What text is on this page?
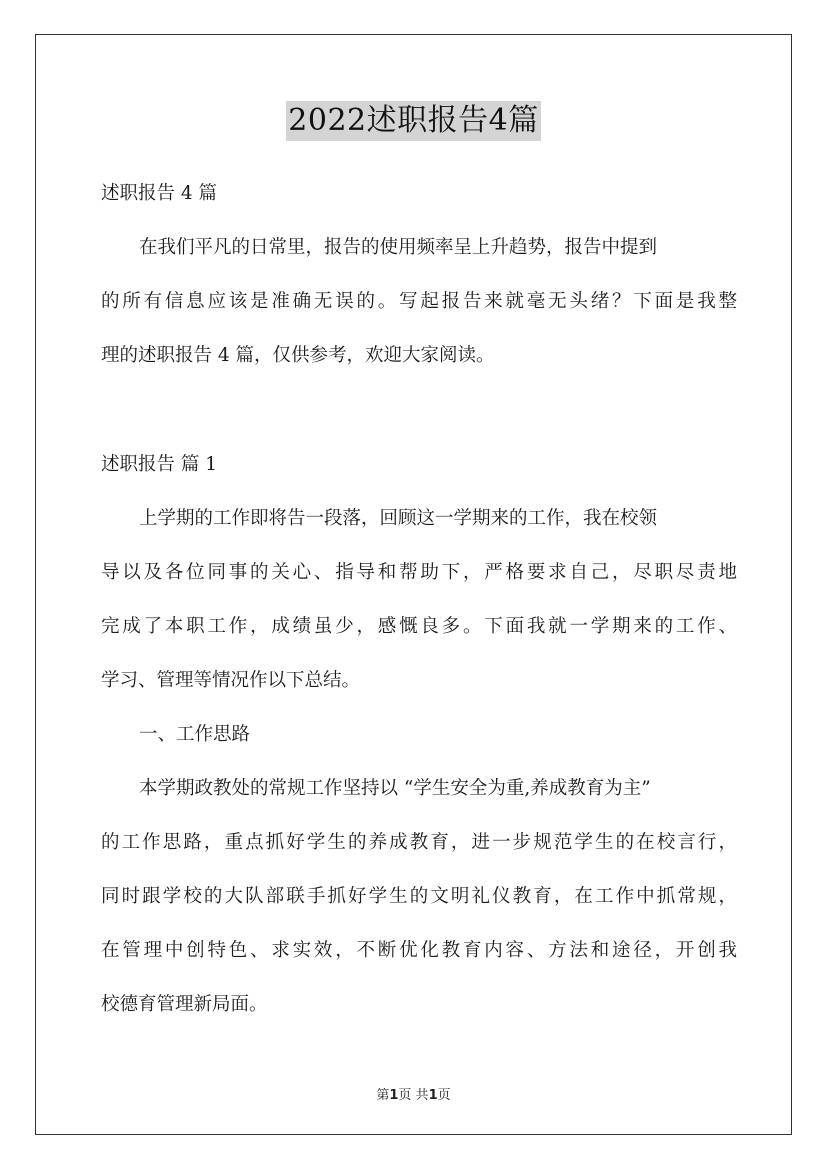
2022述职报告4篇
述职报告 4 篇
在我们平凡的日常里，报告的使用频率呈上升趋势，报告中提到
的所有信息应该是准确无误的。写起报告来就毫无头绪？下面是我整
理的述职报告 4 篇，仅供参考，欢迎大家阅读。
述职报告 篇 1
上学期的工作即将告一段落，回顾这一学期来的工作，我在校领
导以及各位同事的关心、指导和帮助下，严格要求自己，尽职尽责地
完成了本职工作，成绩虽少，感慨良多。下面我就一学期来的工作、
学习、管理等情况作以下总结。
一、工作思路
本学期政教处的常规工作坚持以 “学生安全为重,养成教育为主”
的工作思路，重点抓好学生的养成教育，进一步规范学生的在校言行，
同时跟学校的大队部联手抓好学生的文明礼仪教育，在工作中抓常规，
在管理中创特色、求实效，不断优化教育内容、方法和途径，开创我
校德育管理新局面。
第1页 共1页
